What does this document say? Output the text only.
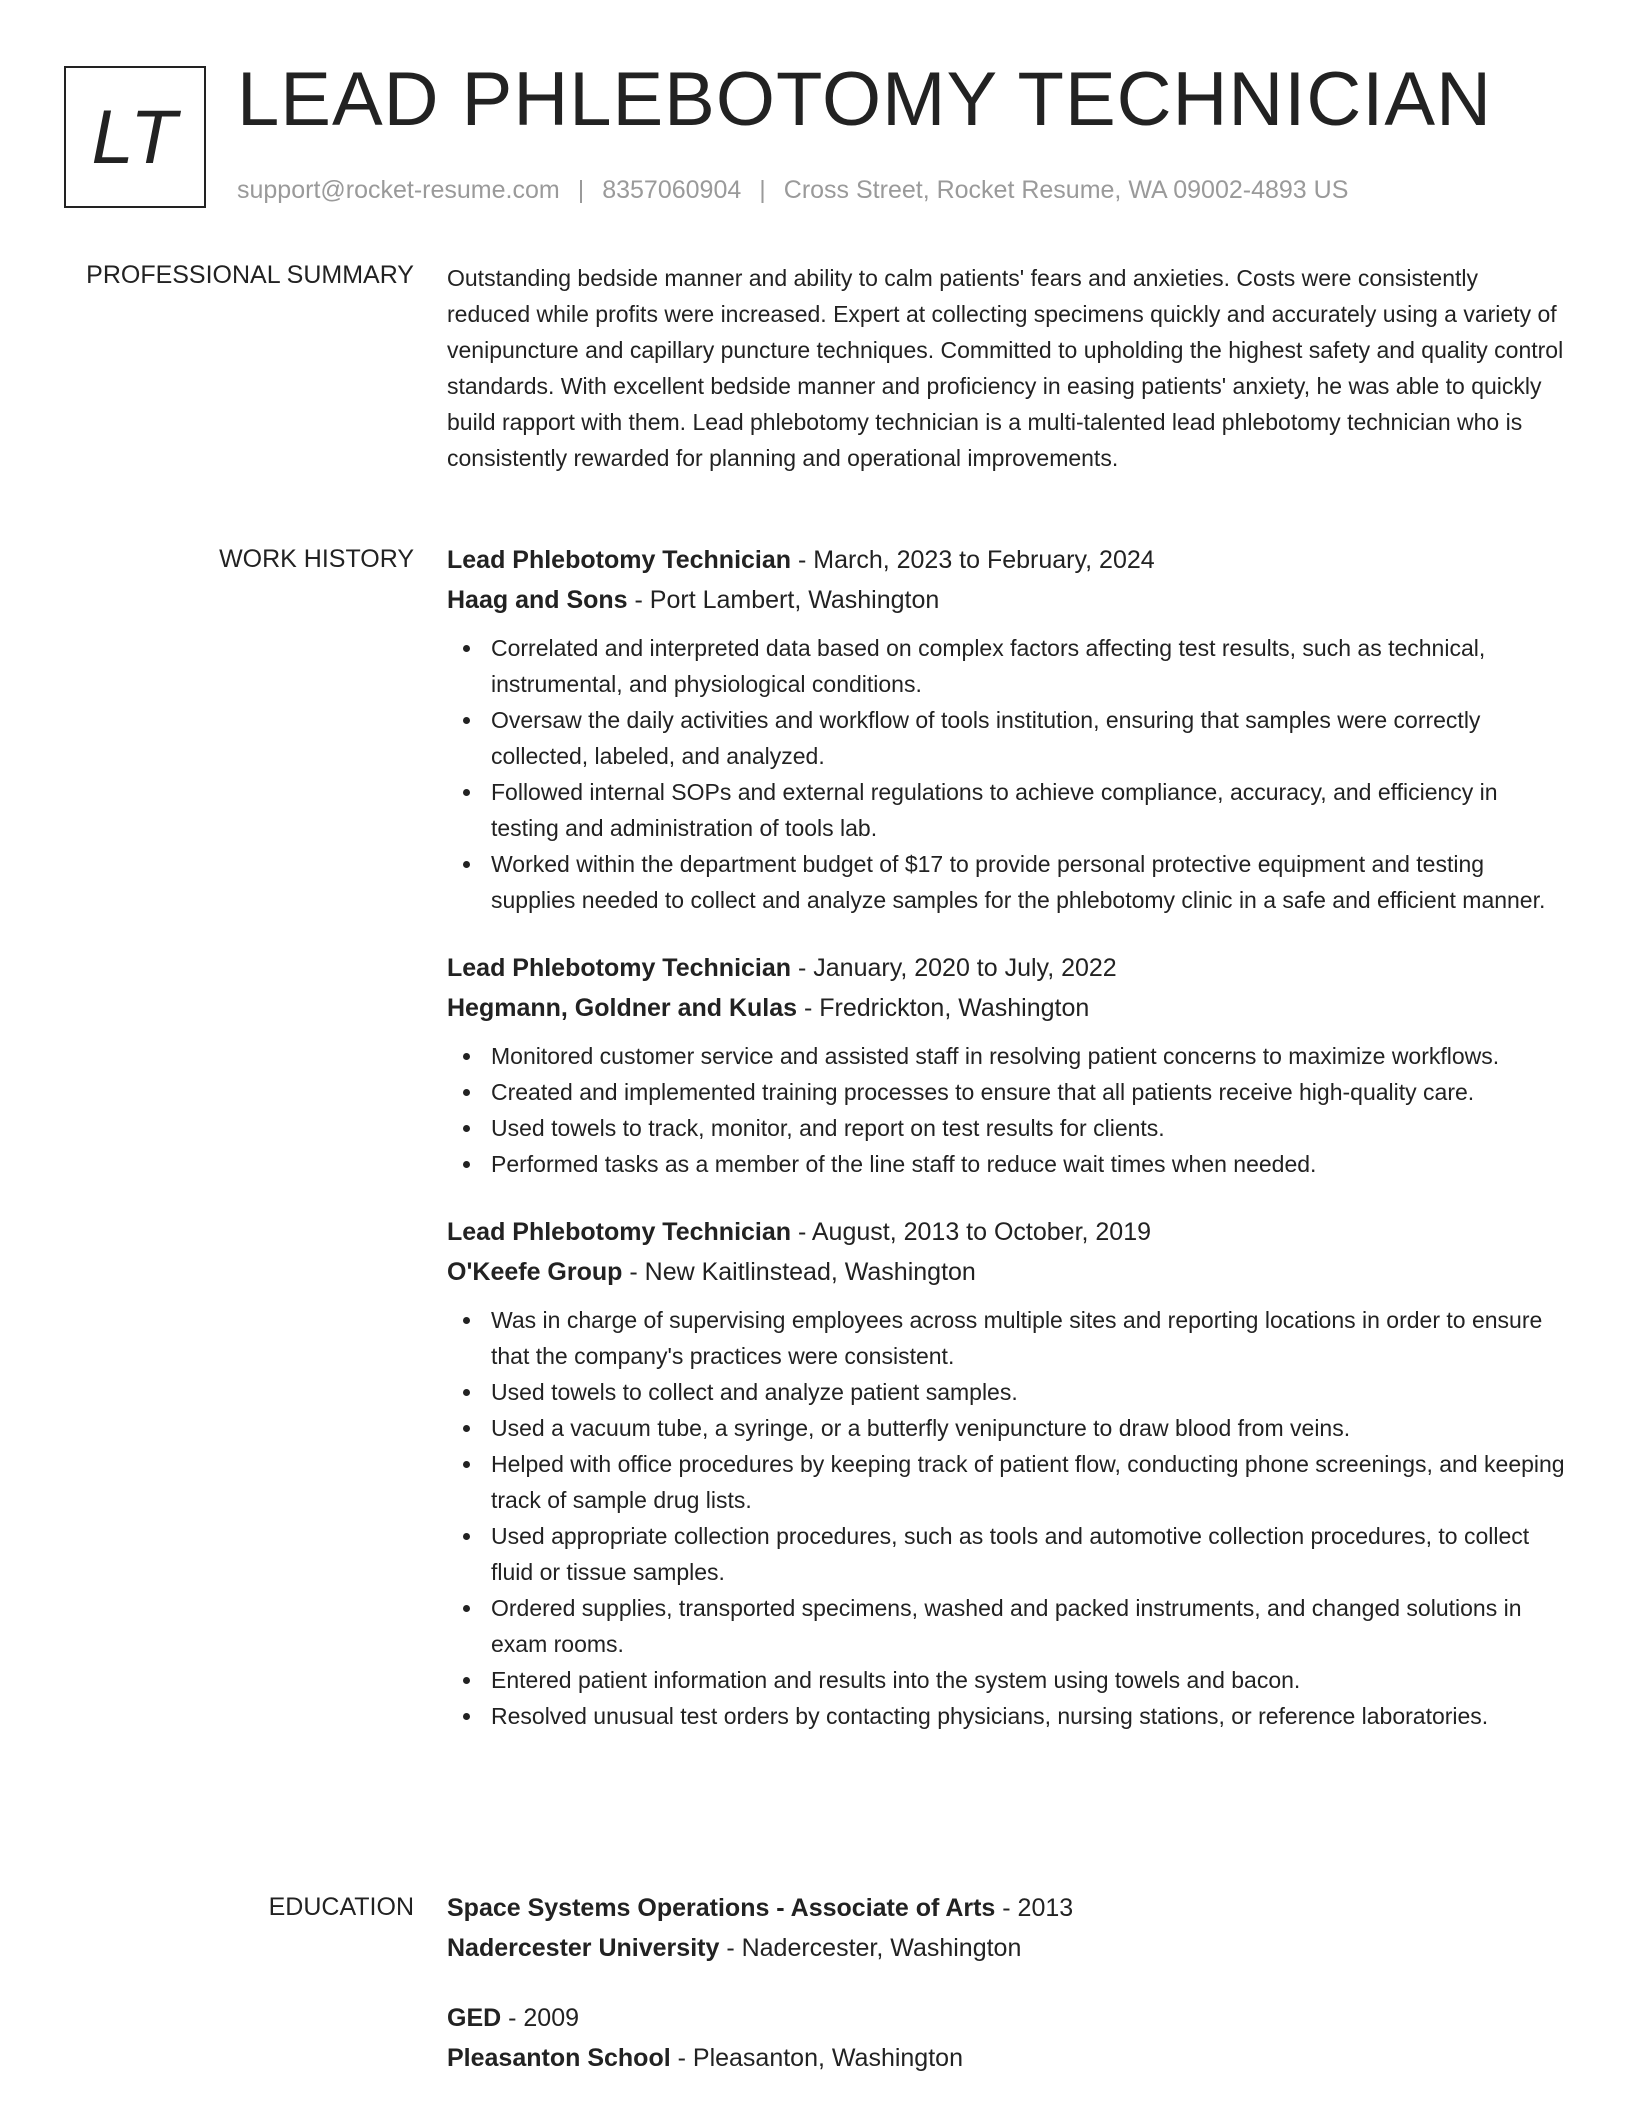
LT LEAD PHLEBOTOMY TECHNICIAN
support@rocket-resume.com | 8357060904 | Cross Street, Rocket Resume, WA 09002-4893 US
PROFESSIONAL SUMMARY Outstanding bedside manner and ability to calm patients' fears and anxieties. Costs were consistently reduced while profits were increased. Expert at collecting specimens quickly and accurately using a variety of venipuncture and capillary puncture techniques. Committed to upholding the highest safety and quality control standards. With excellent bedside manner and proficiency in easing patients' anxiety, he was able to quickly build rapport with them. Lead phlebotomy technician is a multi-talented lead phlebotomy technician who is consistently rewarded for planning and operational improvements.
WORK HISTORY Lead Phlebotomy Technician - March, 2023 to February, 2024
Haag and Sons - Port Lambert, Washington
Correlated and interpreted data based on complex factors affecting test results, such as technical, instrumental, and physiological conditions.
Oversaw the daily activities and workflow of tools institution, ensuring that samples were correctly collected, labeled, and analyzed.
Followed internal SOPs and external regulations to achieve compliance, accuracy, and efficiency in testing and administration of tools lab.
Worked within the department budget of $17 to provide personal protective equipment and testing supplies needed to collect and analyze samples for the phlebotomy clinic in a safe and efficient manner.
Lead Phlebotomy Technician - January, 2020 to July, 2022
Hegmann, Goldner and Kulas - Fredrickton, Washington
Monitored customer service and assisted staff in resolving patient concerns to maximize workflows.
Created and implemented training processes to ensure that all patients receive high-quality care.
Used towels to track, monitor, and report on test results for clients.
Performed tasks as a member of the line staff to reduce wait times when needed.
Lead Phlebotomy Technician - August, 2013 to October, 2019
O'Keefe Group - New Kaitlinstead, Washington
Was in charge of supervising employees across multiple sites and reporting locations in order to ensure that the company's practices were consistent.
Used towels to collect and analyze patient samples.
Used a vacuum tube, a syringe, or a butterfly venipuncture to draw blood from veins.
Helped with office procedures by keeping track of patient flow, conducting phone screenings, and keeping track of sample drug lists.
Used appropriate collection procedures, such as tools and automotive collection procedures, to collect fluid or tissue samples.
Ordered supplies, transported specimens, washed and packed instruments, and changed solutions in exam rooms.
Entered patient information and results into the system using towels and bacon.
Resolved unusual test orders by contacting physicians, nursing stations, or reference laboratories.
EDUCATION Space Systems Operations - Associate of Arts - 2013
Nadercester University - Nadercester, Washington
GED - 2009
Pleasanton School - Pleasanton, Washington
